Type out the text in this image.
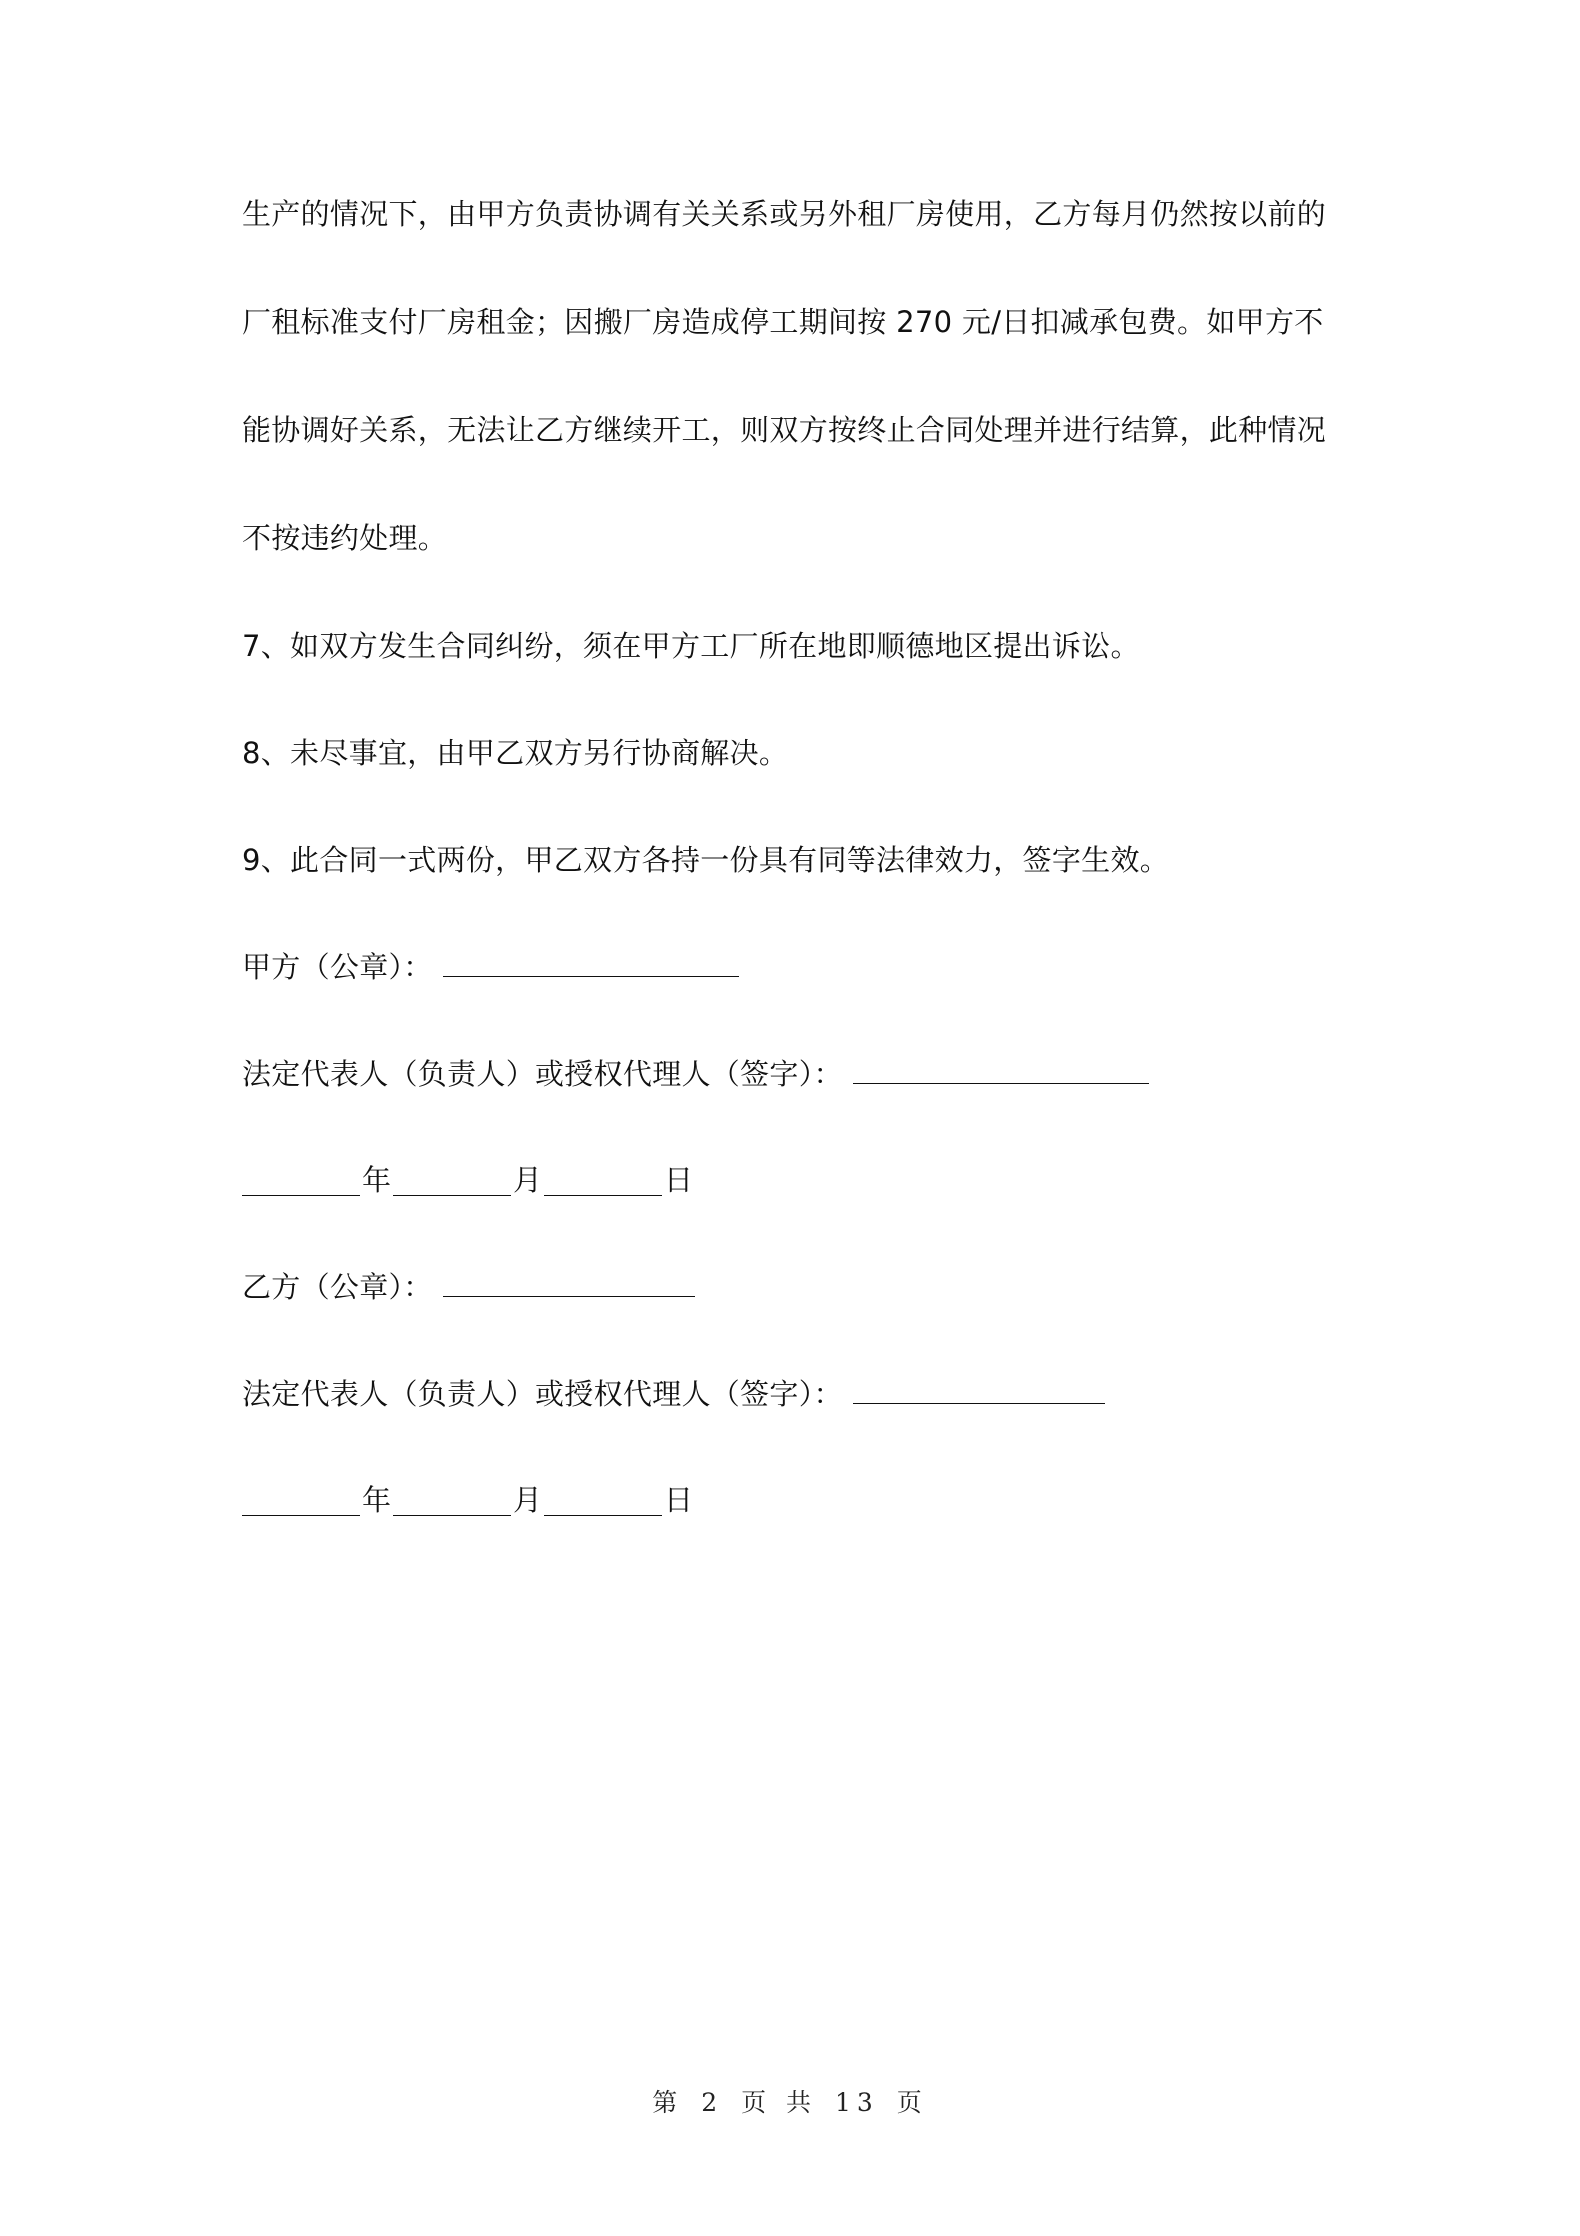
生产的情况下，由甲方负责协调有关关系或另外租厂房使用，乙方每月仍然按以前的
厂租标准支付厂房租金；因搬厂房造成停工期间按 270 元/日扣减承包费。如甲方不
能协调好关系，无法让乙方继续开工，则双方按终止合同处理并进行结算，此种情况
不按违约处理。
7、如双方发生合同纠纷，须在甲方工厂所在地即顺德地区提出诉讼。
8、未尽事宜，由甲乙双方另行协商解决。
9、此合同一式两份，甲乙双方各持一份具有同等法律效力，签字生效。
甲方（公章）：
法定代表人（负责人）或授权代理人（签字）：
年	月	日
乙方（公章）：
法定代表人（负责人）或授权代理人（签字）：
年	月	日
第 2 页 共 13 页
